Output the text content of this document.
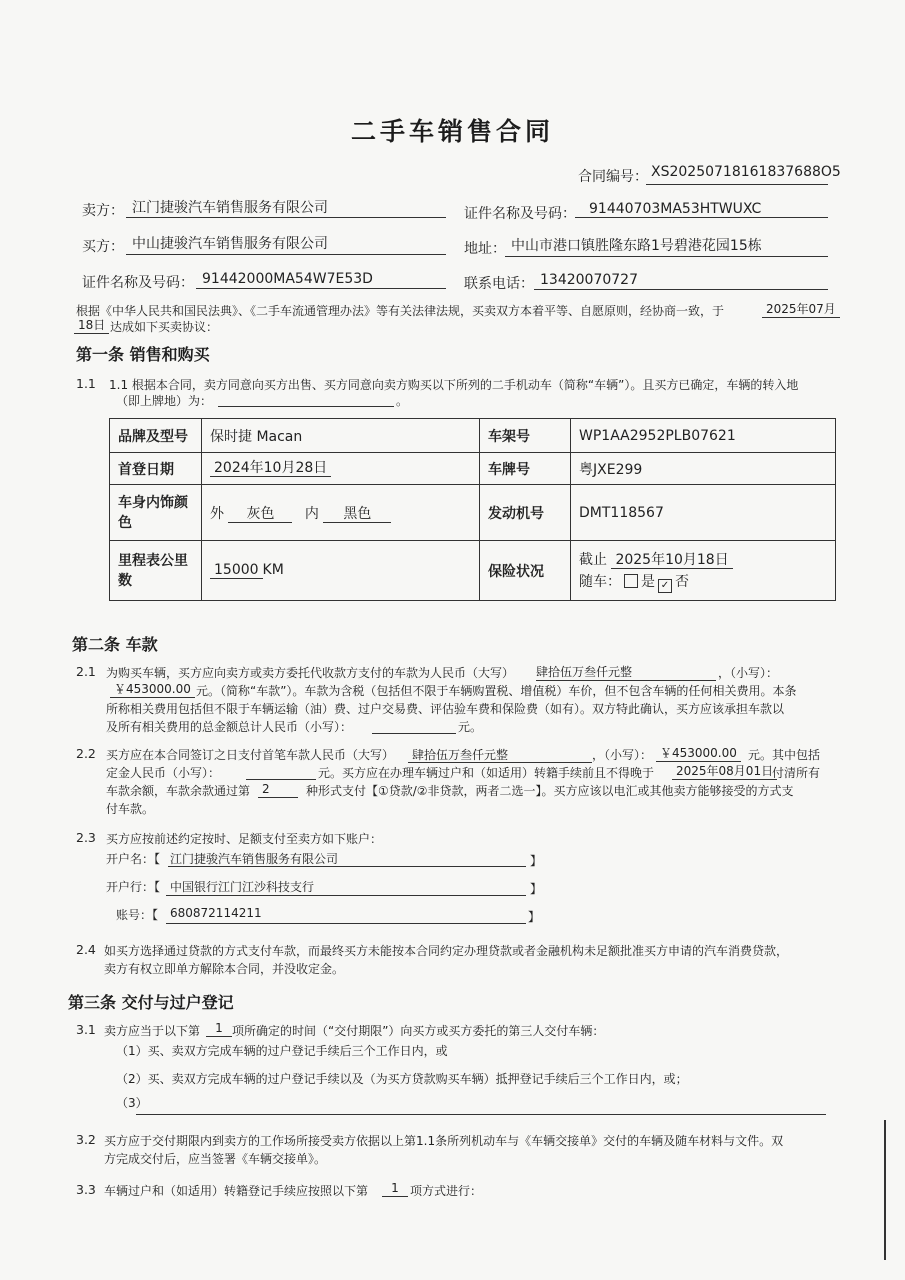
二手车销售合同
合同编号： XS20250718161837688O5
卖方： 江门捷骏汽车销售服务有限公司	证件名称及号码： 91440703MA53HTWUXC
买方： 中山捷骏汽车销售服务有限公司	地址： 中山市港口镇胜隆东路1号碧港花园15栋
证件名称及号码： 91442000MA54W7E53D	联系电话： 13420070727
根据《中华人民共和国民法典》、《二手车流通管理办法》等有关法律法规，买卖双方本着平等、自愿原则，经协商一致，于	2025年07月
18日 达成如下买卖协议：
第一条 销售和购买
1.1 1.1 根据本合同，卖方同意向买方出售、买方同意向卖方购买以下所列的二手机动车（简称“车辆”）。且买方已确定，车辆的转入地
（即上牌地）为：	。
品牌及型号	保时捷 Macan	车架号	WP1AA2952PLB07621
首登日期	2024年10月28日	车牌号	粤JXE299
车身内饰颜色	外 灰色 内 黑色	发动机号	DMT118567
里程表公里数	15000 KM	保险状况	截止 2025年10月18日
随车： 是 ✓ 否
第二条 车款
2.1 为购买车辆，买方应向卖方或卖方委托代收款方支付的车款为人民币（大写） 肆拾伍万叁仟元整	，（小写）：
￥453000.00 元。（简称“车款”）。车款为含税（包括但不限于车辆购置税、增值税）车价，但不包含车辆的任何相关费用。本条
所称相关费用包括但不限于车辆运输（油）费、过户交易费、评估验车费和保险费（如有）。双方特此确认，买方应该承担车款以
及所有相关费用的总金额总计人民币（小写）：	元。
2.2 买方应在本合同签订之日支付首笔车款人民币（大写） 肆拾伍万叁仟元整	，（小写）： ￥453000.00 元。其中包括
定金人民币（小写）：	元。买方应在办理车辆过户和（如适用）转籍手续前且不得晚于	2025年08月01日
付清所有
车款余额，车款余款通过第 2	种形式支付【①贷款/②非贷款，两者二选一】。买方应该以电汇或其他卖方能够接受的方式支
付车款。
2.3 买方应按前述约定按时、足额支付至卖方如下账户：
开户名：【 江门捷骏汽车销售服务有限公司	】
开户行：【 中国银行江门江沙科技支行	】
账号：【 680872114211	】
2.4 如买方选择通过贷款的方式支付车款，而最终买方未能按本合同约定办理贷款或者金融机构未足额批准买方申请的汽车消费贷款，
卖方有权立即单方解除本合同，并没收定金。
第三条 交付与过户登记
3.1 卖方应当于以下第	1 项所确定的时间（“交付期限”）向买方或买方委托的第三人交付车辆：
（1）买、卖双方完成车辆的过户登记手续后三个工作日内，或
（2）买、卖双方完成车辆的过户登记手续以及（为买方贷款购买车辆）抵押登记手续后三个工作日内，或；
（3）
3.2 买方应于交付期限内到卖方的工作场所接受卖方依据以上第1.1条所列机动车与《车辆交接单》交付的车辆及随车材料与文件。双
方完成交付后，应当签署《车辆交接单》。
3.3 车辆过户和（如适用）转籍登记手续应按照以下第	1 项方式进行：
